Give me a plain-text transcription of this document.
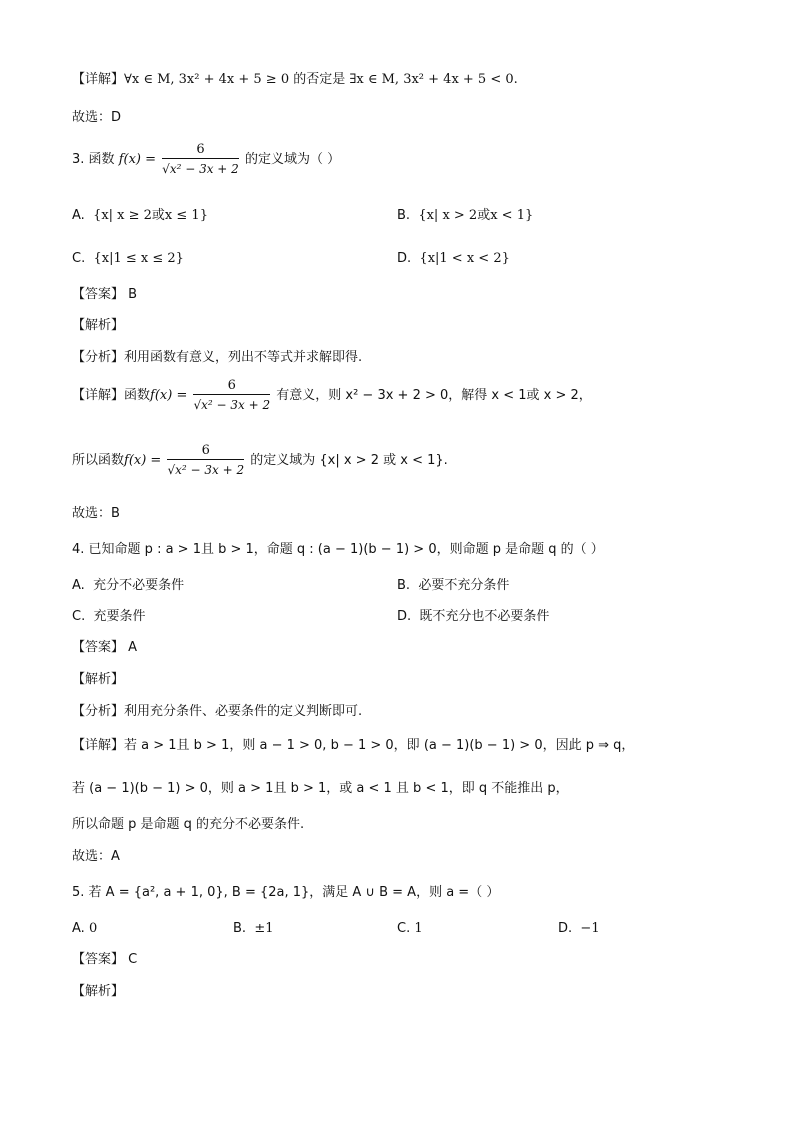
【详解】∀x ∈ M, 3x² + 4x + 5 ≥ 0 的否定是 ∃x ∈ M, 3x² + 4x + 5 < 0.
故选：D
3. 函数 $f(x) = \frac{6}{\text{√x² − 3x + 2}}$ 的定义域为（ ）
A. {x| x ≥ 2或x ≤ 1}	B. {x| x > 2或x < 1}
C. {x|1 ≤ x ≤ 2}	D. {x|1 < x < 2}
【答案】 B
【解析】
【分析】利用函数有意义，列出不等式并求解即得.
【详解】函数$f(x) = \frac{6}{\text{√x² − 3x + 2}}$ 有意义，则 x² − 3x + 2 > 0，解得 x < 1或 x > 2，
所以函数$f(x) = \frac{6}{\text{√x² − 3x + 2}}$ 的定义域为 {x| x > 2 或 x < 1}.
故选：B
4. 已知命题 p : a > 1且 b > 1，命题 q : (a − 1)(b − 1) > 0，则命题 p 是命题 q 的（ ）
A. 充分不必要条件	B. 必要不充分条件
C. 充要条件	D. 既不充分也不必要条件
【答案】 A
【解析】
【分析】利用充分条件、必要条件的定义判断即可.
【详解】若 a > 1且 b > 1，则 a − 1 > 0, b − 1 > 0，即 (a − 1)(b − 1) > 0，因此 p ⇒ q，
若 (a − 1)(b − 1) > 0，则 a > 1且 b > 1，或 a < 1 且 b < 1，即 q 不能推出 p，
所以命题 p 是命题 q 的充分不必要条件.
故选：A
5. 若 A = {a², a + 1, 0}, B = {2a, 1}，满足 A ∪ B = A，则 a =（ ）
A. 0	B. ±1	C. 1	D. −1
【答案】 C
【解析】
